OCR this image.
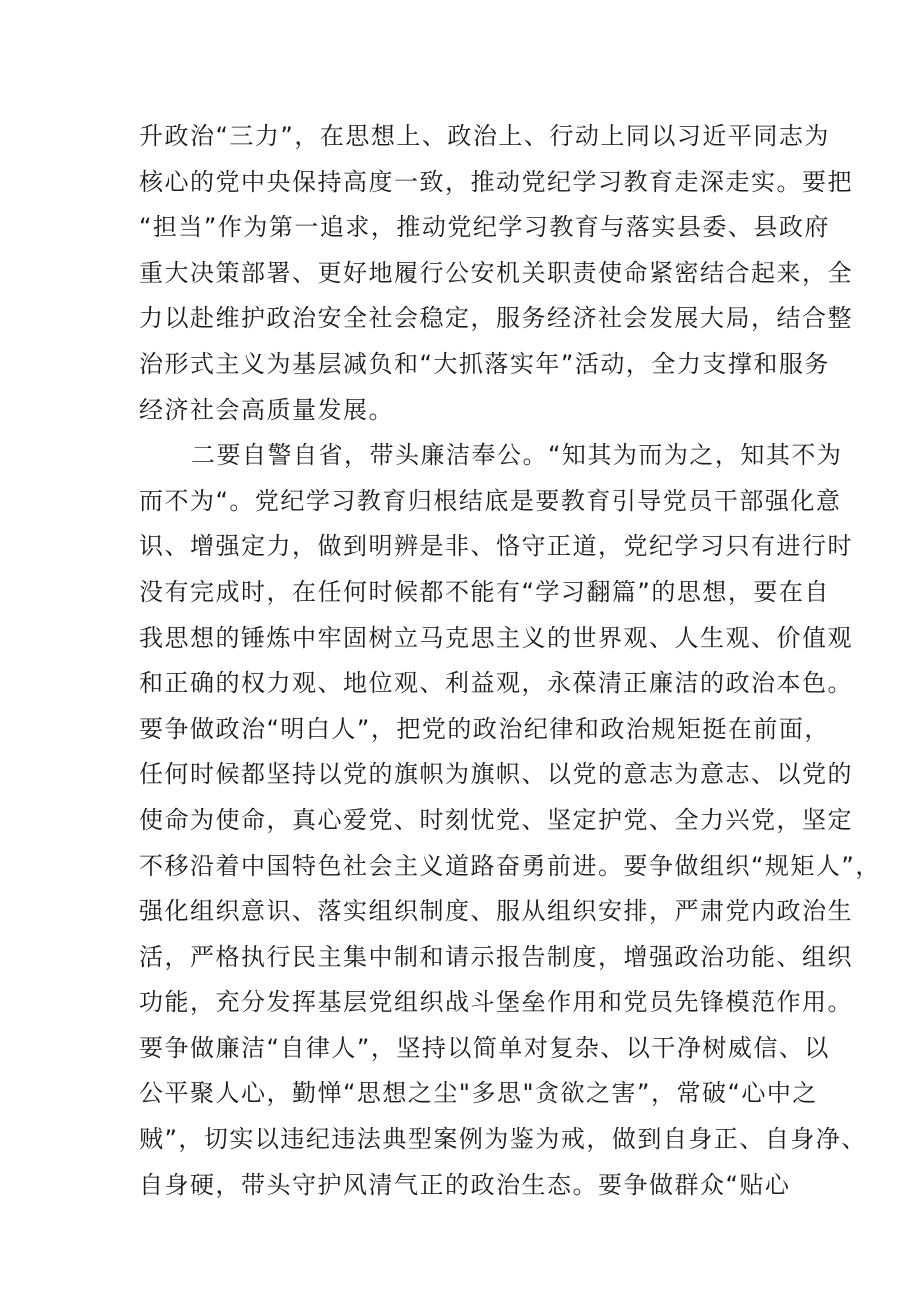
升政治“三力”，在思想上、政治上、行动上同以习近平同志为
核心的党中央保持高度一致，推动党纪学习教育走深走实。要把
“担当”作为第一追求，推动党纪学习教育与落实县委、县政府
重大决策部署、更好地履行公安机关职责使命紧密结合起来，全
力以赴维护政治安全社会稳定，服务经济社会发展大局，结合整
治形式主义为基层减负和“大抓落实年”活动，全力支撑和服务
经济社会高质量发展。
二要自警自省，带头廉洁奉公。“知其为而为之，知其不为
而不为“。党纪学习教育归根结底是要教育引导党员干部强化意
识、增强定力，做到明辨是非、恪守正道，党纪学习只有进行时
没有完成时，在任何时候都不能有“学习翻篇”的思想，要在自
我思想的锤炼中牢固树立马克思主义的世界观、人生观、价值观
和正确的权力观、地位观、利益观，永葆清正廉洁的政治本色。
要争做政治“明白人”，把党的政治纪律和政治规矩挺在前面，
任何时候都坚持以党的旗帜为旗帜、以党的意志为意志、以党的
使命为使命，真心爱党、时刻忧党、坚定护党、全力兴党，坚定
不移沿着中国特色社会主义道路奋勇前进。要争做组织“规矩人”，
强化组织意识、落实组织制度、服从组织安排，严肃党内政治生
活，严格执行民主集中制和请示报告制度，增强政治功能、组织
功能，充分发挥基层党组织战斗堡垒作用和党员先锋模范作用。
要争做廉洁“自律人”，坚持以简单对复杂、以干净树威信、以
公平聚人心，勤惮“思想之尘"多思"贪欲之害”，常破“心中之
贼”，切实以违纪违法典型案例为鉴为戒，做到自身正、自身净、
自身硬，带头守护风清气正的政治生态。要争做群众“贴心
